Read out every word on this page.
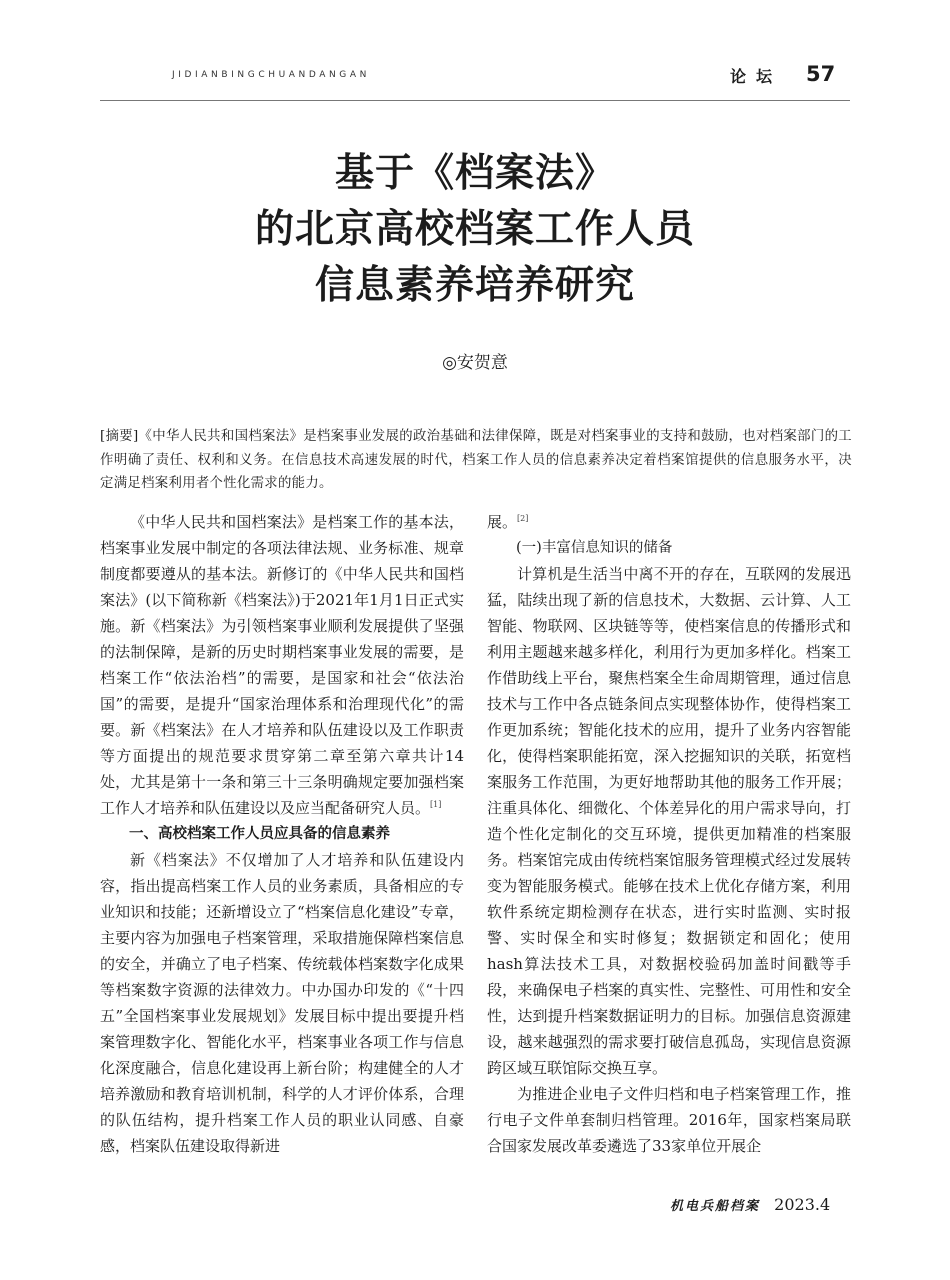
JIDIANBINGCHUANDANGAN	论坛 57
基于《档案法》
的北京高校档案工作人员
信息素养培养研究
◎安贺意

[摘要]《中华人民共和国档案法》是档案事业发展的政治基础和法律保障，既是对档案事业的支持和鼓励，也对档案部门的工作明确了责任、权利和义务。在信息技术高速发展的时代，档案工作人员的信息素养决定着档案馆提供的信息服务水平，决定满足档案利用者个性化需求的能力。

《中华人民共和国档案法》是档案工作的基本法，档案事业发展中制定的各项法律法规、业务标准、规章制度都要遵从的基本法。新修订的《中华人民共和国档案法》(以下简称新《档案法》)于2021年1月1日正式实施。新《档案法》为引领档案事业顺利发展提供了坚强的法制保障，是新的历史时期档案事业发展的需要，是档案工作“依法治档”的需要，是国家和社会“依法治国”的需要，是提升“国家治理体系和治理现代化”的需要。新《档案法》在人才培养和队伍建设以及工作职责等方面提出的规范要求贯穿第二章至第六章共计14处，尤其是第十一条和第三十三条明确规定要加强档案工作人才培养和队伍建设以及应当配备研究人员。[1]

一、高校档案工作人员应具备的信息素养

新《档案法》不仅增加了人才培养和队伍建设内容，指出提高档案工作人员的业务素质，具备相应的专业知识和技能；还新增设立了“档案信息化建设”专章，主要内容为加强电子档案管理，采取措施保障档案信息的安全，并确立了电子档案、传统载体档案数字化成果等档案数字资源的法律效力。中办国办印发的《“十四五”全国档案事业发展规划》发展目标中提出要提升档案管理数字化、智能化水平，档案事业各项工作与信息化深度融合，信息化建设再上新台阶；构建健全的人才培养激励和教育培训机制，科学的人才评价体系，合理的队伍结构，提升档案工作人员的职业认同感、自豪感，档案队伍建设取得新进

展。[2]

(一)丰富信息知识的储备

计算机是生活当中离不开的存在，互联网的发展迅猛，陆续出现了新的信息技术，大数据、云计算、人工智能、物联网、区块链等等，使档案信息的传播形式和利用主题越来越多样化，利用行为更加多样化。档案工作借助线上平台，聚焦档案全生命周期管理，通过信息技术与工作中各点链条间点实现整体协作，使得档案工作更加系统；智能化技术的应用，提升了业务内容智能化，使得档案职能拓宽，深入挖掘知识的关联，拓宽档案服务工作范围，为更好地帮助其他的服务工作开展；注重具体化、细微化、个体差异化的用户需求导向，打造个性化定制化的交互环境，提供更加精准的档案服务。档案馆完成由传统档案馆服务管理模式经过发展转变为智能服务模式。能够在技术上优化存储方案，利用软件系统定期检测存在状态，进行实时监测、实时报警、实时保全和实时修复；数据锁定和固化；使用hash算法技术工具，对数据校验码加盖时间戳等手段，来确保电子档案的真实性、完整性、可用性和安全性，达到提升档案数据证明力的目标。加强信息资源建设，越来越强烈的需求要打破信息孤岛，实现信息资源跨区域互联馆际交换互享。

为推进企业电子文件归档和电子档案管理工作，推行电子文件单套制归档管理。2016年，国家档案局联合国家发展改革委遴选了33家单位开展企

机电兵船档案 2023.4
